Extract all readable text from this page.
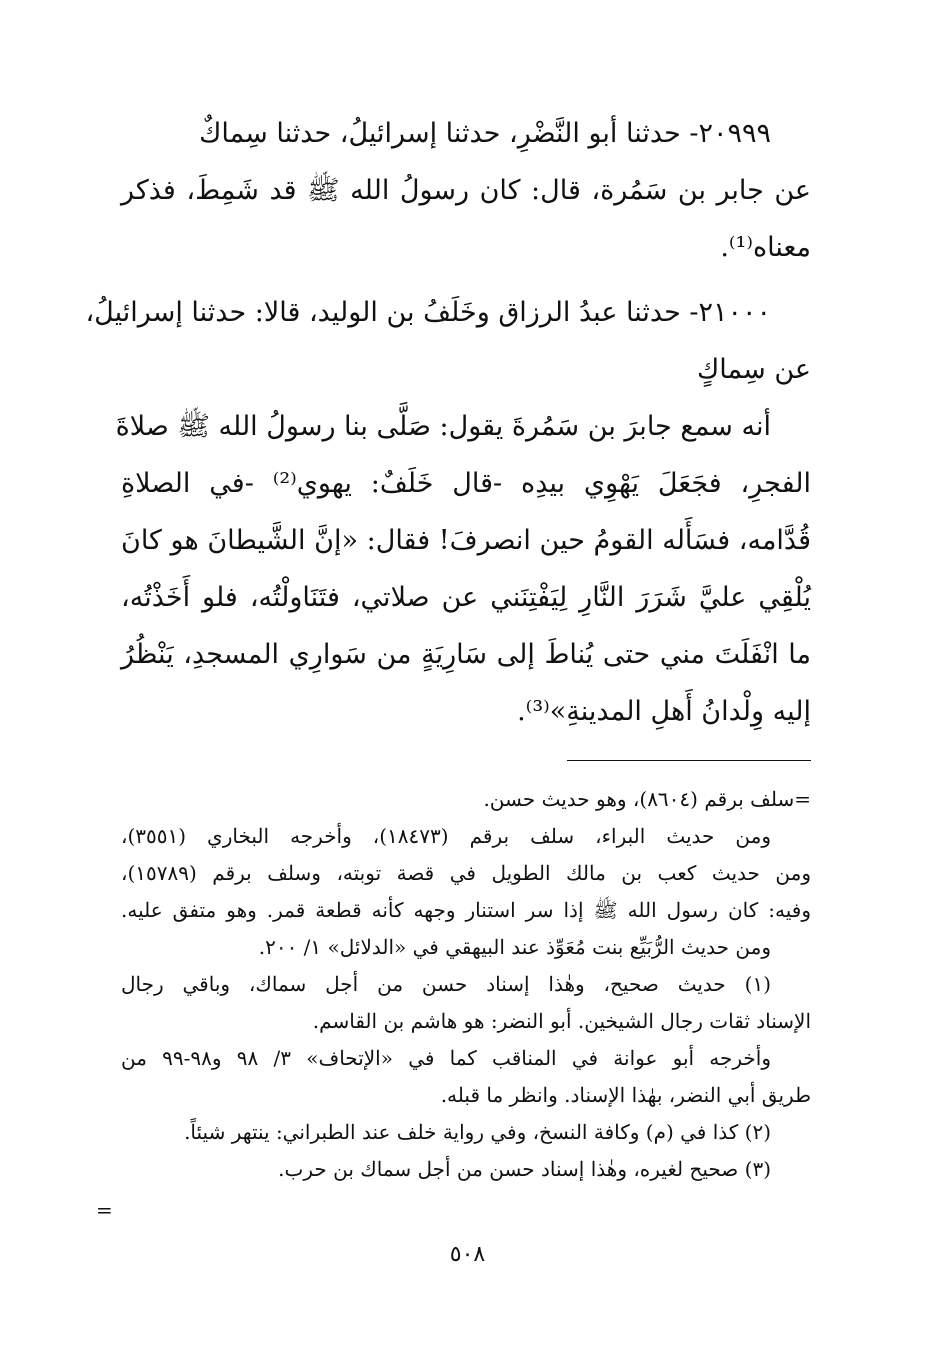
٢٠٩٩٩- حدثنا أبو النَّضْرِ، حدثنا إسرائيلُ، حدثنا سِماكٌ
عن جابر بن سَمُرة، قال: كان رسولُ الله ﷺ قد شَمِطَ، فذكر
معناه⁽¹⁾.
٢١٠٠٠- حدثنا عبدُ الرزاق وخَلَفُ بن الوليد، قالا: حدثنا إسرائيلُ،
عن سِماكٍ
أنه سمع جابرَ بن سَمُرةَ يقول: صَلَّى بنا رسولُ الله ﷺ صلاةَ
الفجرِ، فجَعَلَ يَهْوِي بيدِه -قال خَلَفٌ: يهوي⁽²⁾ -في الصلاةِ
قُدَّامه، فسَأَله القومُ حين انصرفَ! فقال: «إنَّ الشَّيطانَ هو كانَ
يُلْقِي عليَّ شَرَرَ النَّارِ لِيَفْتِنَني عن صلاتي، فتَنَاولْتُه، فلو أَخَذْتُه،
ما انْفَلَتَ مني حتى يُناطَ إلى سَارِيَةٍ من سَوارِي المسجدِ، يَنْظُرُ
إليه وِلْدانُ أَهلِ المدينةِ»⁽³⁾.
=سلف برقم (٨٦٠٤)، وهو حديث حسن.
ومن حديث البراء، سلف برقم (١٨٤٧٣)، وأخرجه البخاري (٣٥٥١)،
ومن حديث كعب بن مالك الطويل في قصة توبته، وسلف برقم (١٥٧٨٩)،
وفيه: كان رسول الله ﷺ إذا سر استنار وجهه كأنه قطعة قمر. وهو متفق عليه.
ومن حديث الرُّبَيِّع بنت مُعَوِّذ عند البيهقي في «الدلائل» ١/ ٢٠٠.
(١) حديث صحيح، وهٰذا إسناد حسن من أجل سماك، وباقي رجال
الإسناد ثقات رجال الشيخين. أبو النضر: هو هاشم بن القاسم.
وأخرجه أبو عوانة في المناقب كما في «الإتحاف» ٣/ ٩٨ و٩٨-٩٩ من
طريق أبي النضر، بهٰذا الإسناد. وانظر ما قبله.
(٢) كذا في (م) وكافة النسخ، وفي رواية خلف عند الطبراني: ينتهر شيئاً.
(٣) صحيح لغيره، وهٰذا إسناد حسن من أجل سماك بن حرب.
=
٥٠٨
